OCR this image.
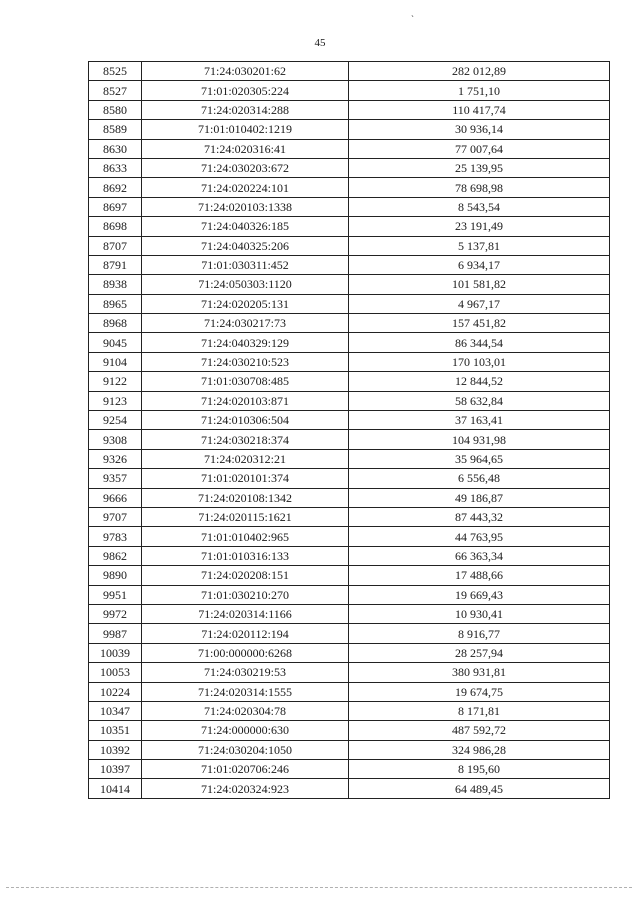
`
45
8525	71:24:030201:62	282 012,89
8527	71:01:020305:224	1 751,10
8580	71:24:020314:288	110 417,74
8589	71:01:010402:1219	30 936,14
8630	71:24:020316:41	77 007,64
8633	71:24:030203:672	25 139,95
8692	71:24:020224:101	78 698,98
8697	71:24:020103:1338	8 543,54
8698	71:24:040326:185	23 191,49
8707	71:24:040325:206	5 137,81
8791	71:01:030311:452	6 934,17
8938	71:24:050303:1120	101 581,82
8965	71:24:020205:131	4 967,17
8968	71:24:030217:73	157 451,82
9045	71:24:040329:129	86 344,54
9104	71:24:030210:523	170 103,01
9122	71:01:030708:485	12 844,52
9123	71:24:020103:871	58 632,84
9254	71:24:010306:504	37 163,41
9308	71:24:030218:374	104 931,98
9326	71:24:020312:21	35 964,65
9357	71:01:020101:374	6 556,48
9666	71:24:020108:1342	49 186,87
9707	71:24:020115:1621	87 443,32
9783	71:01:010402:965	44 763,95
9862	71:01:010316:133	66 363,34
9890	71:24:020208:151	17 488,66
9951	71:01:030210:270	19 669,43
9972	71:24:020314:1166	10 930,41
9987	71:24:020112:194	8 916,77
10039	71:00:000000:6268	28 257,94
10053	71:24:030219:53	380 931,81
10224	71:24:020314:1555	19 674,75
10347	71:24:020304:78	8 171,81
10351	71:24:000000:630	487 592,72
10392	71:24:030204:1050	324 986,28
10397	71:01:020706:246	8 195,60
10414	71:24:020324:923	64 489,45
